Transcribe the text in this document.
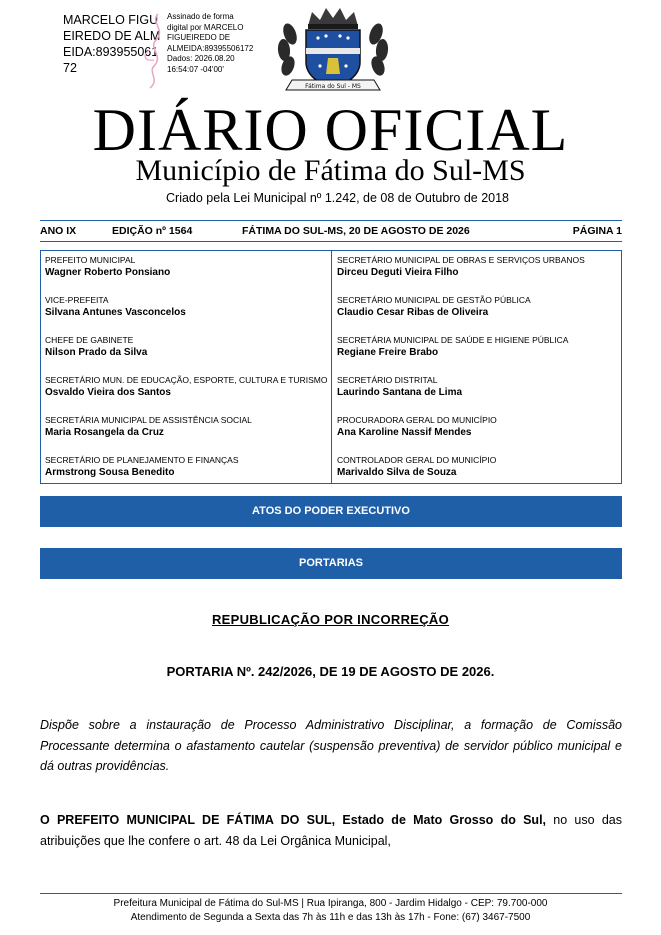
MARCELO FIGUEIREDO DE ALMEIDA:89395506172
Assinado de forma
digital por MARCELO
FIGUEIREDO DE
ALMEIDA:89395506172
Dados: 2026.08.20
16:54:07 -04'00'
Fátima do Sul - MS
DIÁRIO OFICIAL
Município de Fátima do Sul-MS
Criado pela Lei Municipal nº 1.242, de 08 de Outubro de 2018
ANO IX	EDIÇÃO nº 1564	FÁTIMA DO SUL-MS, 20 DE AGOSTO DE 2026	PÁGINA 1
PREFEITO MUNICIPAL
Wagner Roberto Ponsiano
VICE-PREFEITA
Silvana Antunes Vasconcelos
CHEFE DE GABINETE
Nilson Prado da Silva
SECRETÁRIO MUN. DE EDUCAÇÃO, ESPORTE, CULTURA E TURISMO
Osvaldo Vieira dos Santos
SECRETÁRIA MUNICIPAL DE ASSISTÊNCIA SOCIAL
Maria Rosangela da Cruz
SECRETÁRIO DE PLANEJAMENTO E FINANÇAS
Armstrong Sousa Benedito
SECRETÁRIO MUNICIPAL DE OBRAS E SERVIÇOS URBANOS
Dirceu Deguti Vieira Filho
SECRETÁRIO MUNICIPAL DE GESTÃO PÚBLICA
Claudio Cesar Ribas de Oliveira
SECRETÁRIA MUNICIPAL DE SAÚDE E HIGIENE PÚBLICA
Regiane Freire Brabo
SECRETÁRIO DISTRITAL
Laurindo Santana de Lima
PROCURADORA GERAL DO MUNICÍPIO
Ana Karoline Nassif Mendes
CONTROLADOR GERAL DO MUNICÍPIO
Marivaldo Silva de Souza
ATOS DO PODER EXECUTIVO
PORTARIAS
REPUBLICAÇÃO POR INCORREÇÃO
PORTARIA Nº. 242/2026, DE 19 DE AGOSTO DE 2026.
Dispõe sobre a instauração de Processo Administrativo Disciplinar, a formação de Comissão Processante determina o afastamento cautelar (suspensão preventiva) de servidor público municipal e dá outras providências.
O PREFEITO MUNICIPAL DE FÁTIMA DO SUL, Estado de Mato Grosso do Sul, no uso das atribuições que lhe confere o art. 48 da Lei Orgânica Municipal,
Prefeitura Municipal de Fátima do Sul-MS | Rua Ipiranga, 800 - Jardim Hidalgo - CEP: 79.700-000
Atendimento de Segunda a Sexta das 7h às 11h e das 13h às 17h - Fone: (67) 3467-7500
